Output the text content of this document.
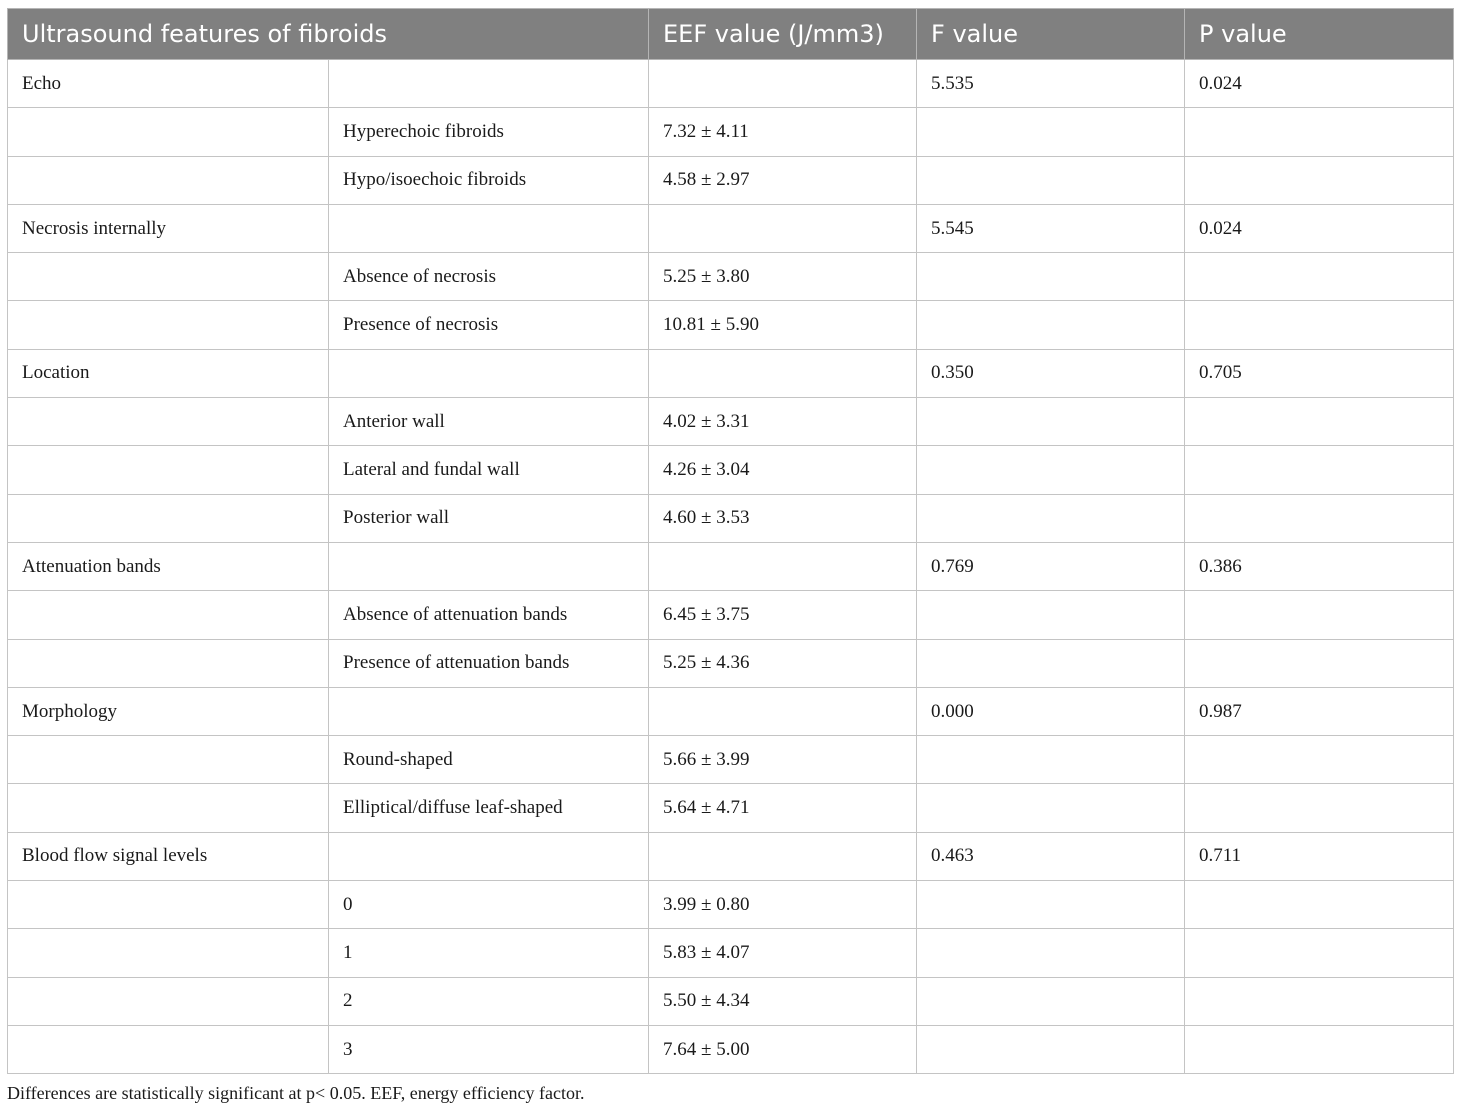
Ultrasound features of fibroids		EEF value (J/mm3)	F value	P value
Echo			5.535	0.024
	Hyperechoic fibroids	7.32 ± 4.11		
	Hypo/isoechoic fibroids	4.58 ± 2.97		
Necrosis internally			5.545	0.024
	Absence of necrosis	5.25 ± 3.80		
	Presence of necrosis	10.81 ± 5.90		
Location			0.350	0.705
	Anterior wall	4.02 ± 3.31		
	Lateral and fundal wall	4.26 ± 3.04		
	Posterior wall	4.60 ± 3.53		
Attenuation bands			0.769	0.386
	Absence of attenuation bands	6.45 ± 3.75		
	Presence of attenuation bands	5.25 ± 4.36		
Morphology			0.000	0.987
	Round-shaped	5.66 ± 3.99		
	Elliptical/diffuse leaf-shaped	5.64 ± 4.71		
Blood flow signal levels			0.463	0.711
	0	3.99 ± 0.80		
	1	5.83 ± 4.07		
	2	5.50 ± 4.34		
	3	7.64 ± 5.00		
Differences are statistically significant at p< 0.05. EEF, energy efficiency factor.
